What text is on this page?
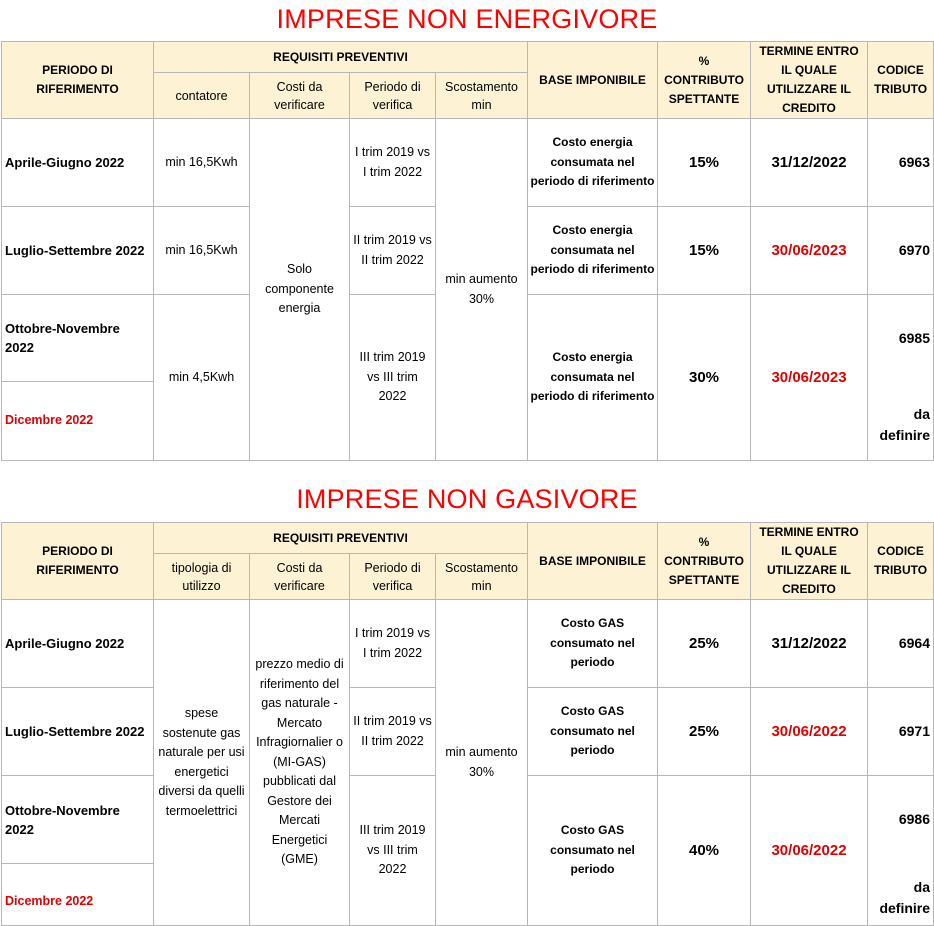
IMPRESE NON ENERGIVORE
PERIODO DI RIFERIMENTO	REQUISITI PREVENTIVI				BASE IMPONIBILE	% CONTRIBUTO SPETTANTE	TERMINE ENTRO IL QUALE UTILIZZARE IL CREDITO	CODICE TRIBUTO
	contatore	Costi da verificare	Periodo di verifica	Scostamento min				
Aprile-Giugno 2022	min 16,5Kwh	Solo componente energia	I trim 2019 vs I trim 2022	min aumento 30%	Costo energia consumata nel periodo di riferimento	15%	31/12/2022	6963
Luglio-Settembre 2022	min 16,5Kwh		II trim 2019 vs II trim 2022		Costo energia consumata nel periodo di riferimento	15%	30/06/2023	6970
Ottobre-Novembre 2022	min 4,5Kwh		III trim 2019 vs III trim 2022		Costo energia consumata nel periodo di riferimento	30%	30/06/2023	6985
Dicembre 2022								da definire
IMPRESE NON GASIVORE
PERIODO DI RIFERIMENTO	REQUISITI PREVENTIVI				BASE IMPONIBILE	% CONTRIBUTO SPETTANTE	TERMINE ENTRO IL QUALE UTILIZZARE IL CREDITO	CODICE TRIBUTO
	tipologia di utilizzo	Costi da verificare	Periodo di verifica	Scostamento min				
Aprile-Giugno 2022	spese sostenute gas naturale per usi energetici diversi da quelli termoelettrici	prezzo medio di riferimento del gas naturale - Mercato Infragiornalier o (MI-GAS) pubblicati dal Gestore dei Mercati Energetici (GME)	I trim 2019 vs I trim 2022	min aumento 30%	Costo GAS consumato nel periodo	25%	31/12/2022	6964
Luglio-Settembre 2022			II trim 2019 vs II trim 2022		Costo GAS consumato nel periodo	25%	30/06/2022	6971
Ottobre-Novembre 2022			III trim 2019 vs III trim 2022		Costo GAS consumato nel periodo	40%	30/06/2022	6986
Dicembre 2022								da definire
